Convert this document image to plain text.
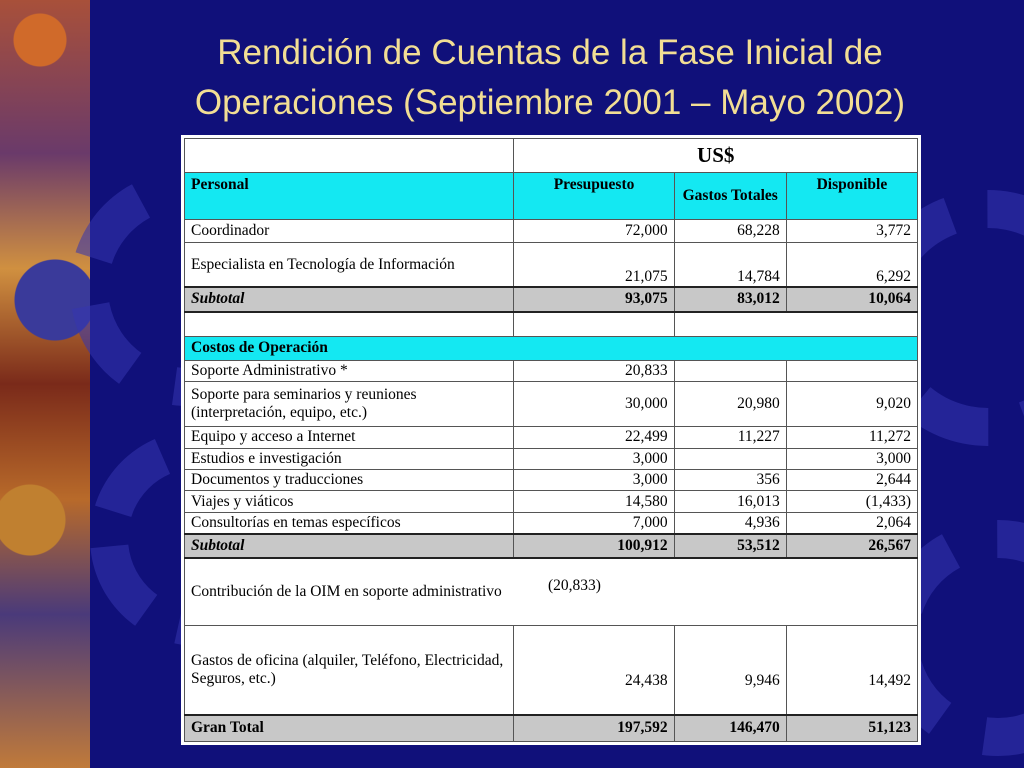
Rendición de Cuentas de la Fase Inicial de
Operaciones (Septiembre 2001 – Mayo 2002)
	US$		
Personal	Presupuesto	Gastos Totales	Disponible
Coordinador	72,000	68,228	3,772
Especialista en Tecnología de Información	21,075	14,784	6,292
Subtotal	93,075	83,012	10,064

Costos de Operación			
Soporte Administrativo *	20,833		
Soporte para seminarios y reuniones (interpretación, equipo, etc.)	30,000	20,980	9,020
Equipo y acceso a Internet	22,499	11,227	11,272
Estudios e investigación	3,000		3,000
Documentos y traducciones	3,000	356	2,644
Viajes y viáticos	14,580	16,013	(1,433)
Consultorías en temas específicos	7,000	4,936	2,064
Subtotal	100,912	53,512	26,567
Contribución de la OIM en soporte administrativo	(20,833)		
Gastos de oficina (alquiler, Teléfono, Electricidad, Seguros, etc.)	24,438	9,946	14,492
Gran Total	197,592	146,470	51,123
